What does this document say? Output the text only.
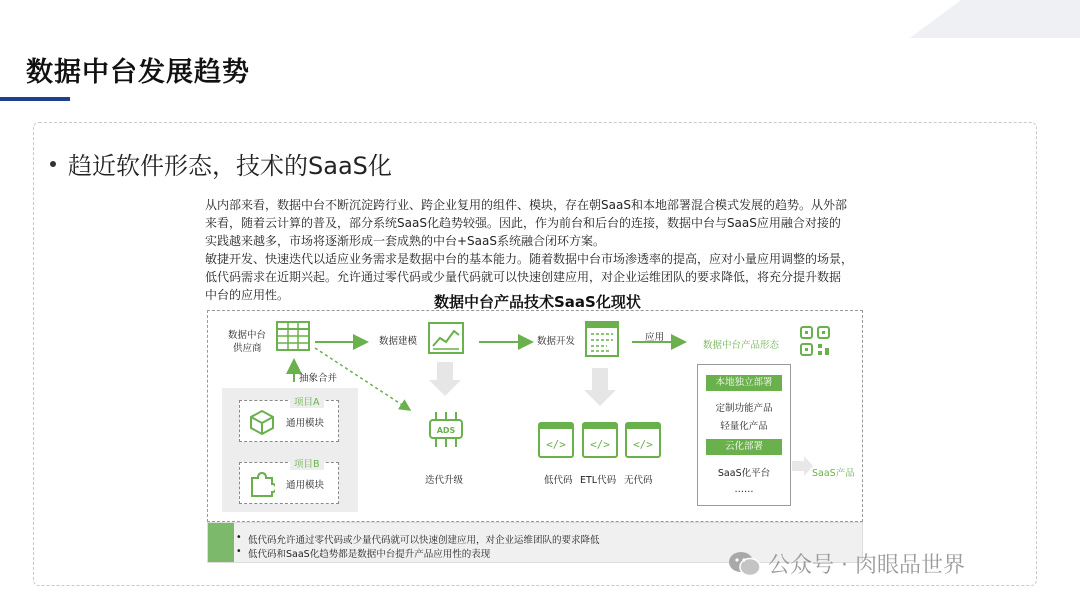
数据中台发展趋势
趋近软件形态，技术的SaaS化

从内部来看，数据中台不断沉淀跨行业、跨企业复用的组件、模块，存在朝SaaS和本地部署混合模式发展的趋势。从外部

来看，随着云计算的普及，部分系统SaaS化趋势较强。因此，作为前台和后台的连接，数据中台与SaaS应用融合对接的

实践越来越多，市场将逐渐形成一套成熟的中台+SaaS系统融合闭环方案。

敏捷开发、快速迭代以适应业务需求是数据中台的基本能力。随着数据中台市场渗透率的提高，应对小量应用调整的场景，

低代码需求在近期兴起。允许通过零代码或少量代码就可以快速创建应用，对企业运维团队的要求降低，将充分提升数据

中台的应用性。	数据中台产品技术SaaS化现状
数据中台
供应商
数据建模	数据开发	应用
数据中台产品形态
抽象合并
项目A
通用模块
项目B
通用模块
ADS
迭代升级
</> </> </>
低代码 ETL代码 无代码
本地独立部署
定制功能产品
轻量化产品
云化部署
SaaS化平台
……
SaaS产品
• 低代码允许通过零代码或少量代码就可以快速创建应用，对企业运维团队的要求降低
• 低代码和SaaS化趋势都是数据中台提升产品应用性的表现	公众号 · 肉眼品世界
